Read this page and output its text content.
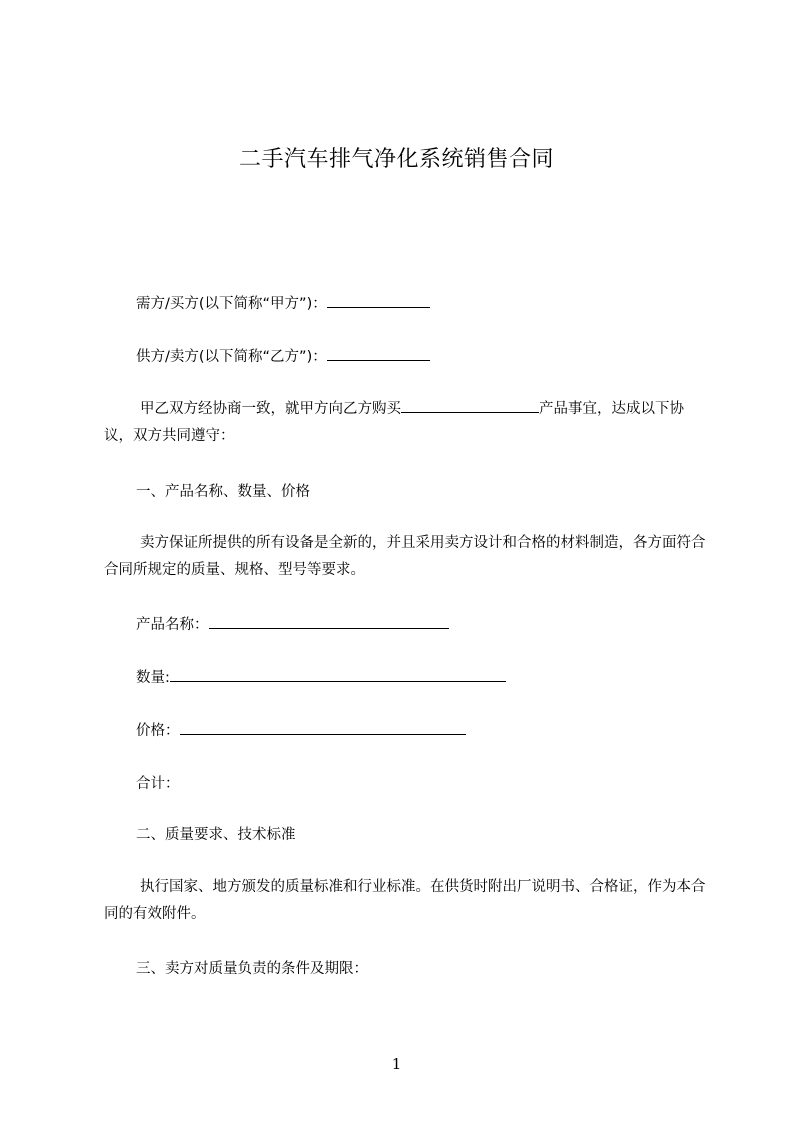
二手汽车排气净化系统销售合同
需方/买方(以下简称“甲方”)：
供方/卖方(以下简称“乙方”)：
甲乙双方经协商一致，就甲方向乙方购买	产品事宜，达成以下协议，双方共同遵守：
一、产品名称、数量、价格
卖方保证所提供的所有设备是全新的，并且采用卖方设计和合格的材料制造，各方面符合合同所规定的质量、规格、型号等要求。
产品名称：
数量:
价格：
合计：
二、质量要求、技术标准
执行国家、地方颁发的质量标准和行业标准。在供货时附出厂说明书、合格证，作为本合同的有效附件。
三、卖方对质量负责的条件及期限：
1
